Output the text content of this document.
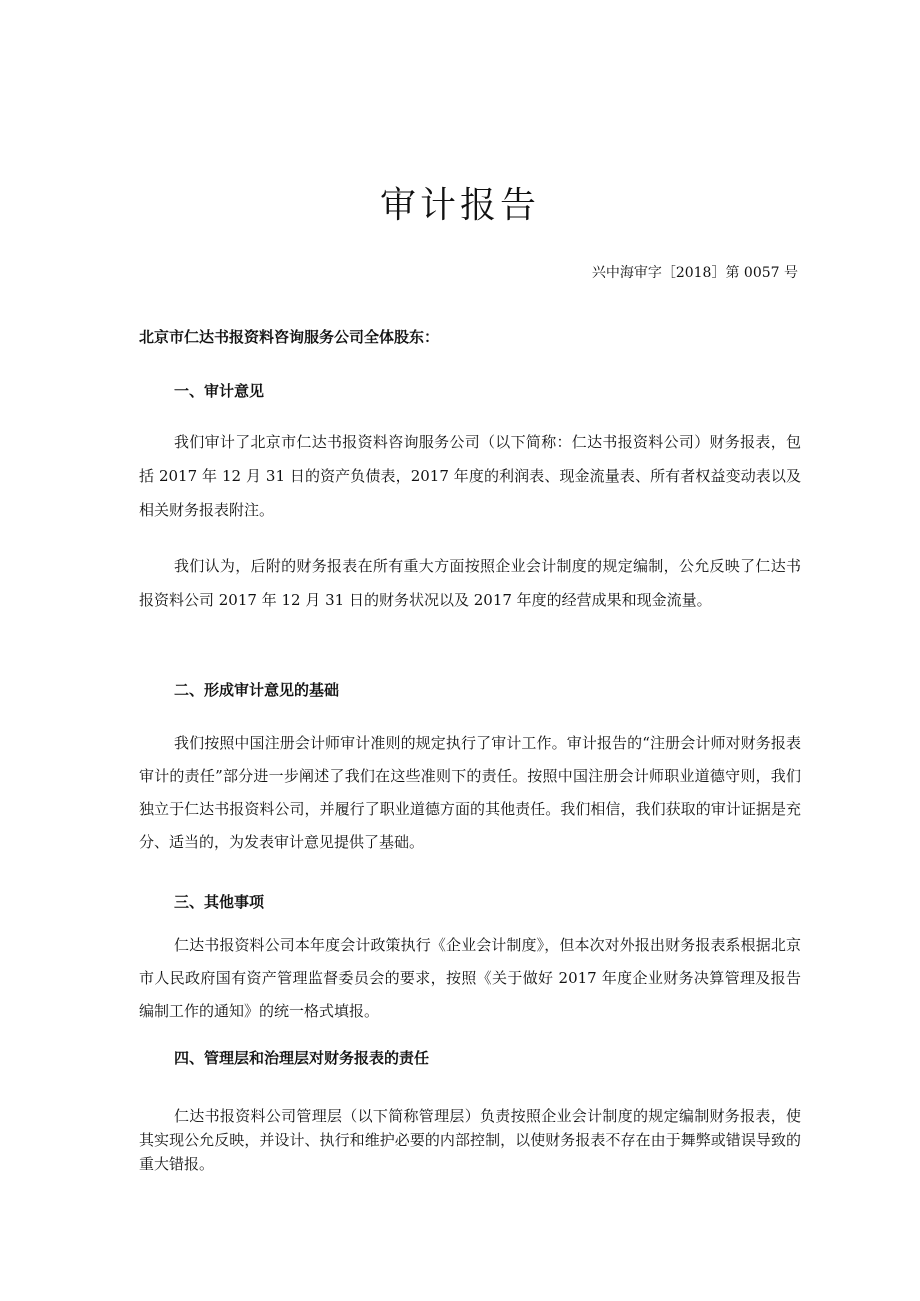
审计报告
兴中海审字［2018］第 0057 号
北京市仁达书报资料咨询服务公司全体股东：
一、审计意见

我们审计了北京市仁达书报资料咨询服务公司（以下简称：仁达书报资料公司）财务报表，包括 2017 年 12 月 31 日的资产负债表，2017 年度的利润表、现金流量表、所有者权益变动表以及相关财务报表附注。

我们认为，后附的财务报表在所有重大方面按照企业会计制度的规定编制，公允反映了仁达书报资料公司 2017 年 12 月 31 日的财务状况以及 2017 年度的经营成果和现金流量。

二、形成审计意见的基础

我们按照中国注册会计师审计准则的规定执行了审计工作。审计报告的“注册会计师对财务报表审计的责任”部分进一步阐述了我们在这些准则下的责任。按照中国注册会计师职业道德守则，我们独立于仁达书报资料公司，并履行了职业道德方面的其他责任。我们相信，我们获取的审计证据是充分、适当的，为发表审计意见提供了基础。

三、其他事项

仁达书报资料公司本年度会计政策执行《企业会计制度》，但本次对外报出财务报表系根据北京市人民政府国有资产管理监督委员会的要求，按照《关于做好 2017 年度企业财务决算管理及报告编制工作的通知》的统一格式填报。

四、管理层和治理层对财务报表的责任

仁达书报资料公司管理层（以下简称管理层）负责按照企业会计制度的规定编制财务报表，使其实现公允反映，并设计、执行和维护必要的内部控制，以使财务报表不存在由于舞弊或错误导致的重大错报。
